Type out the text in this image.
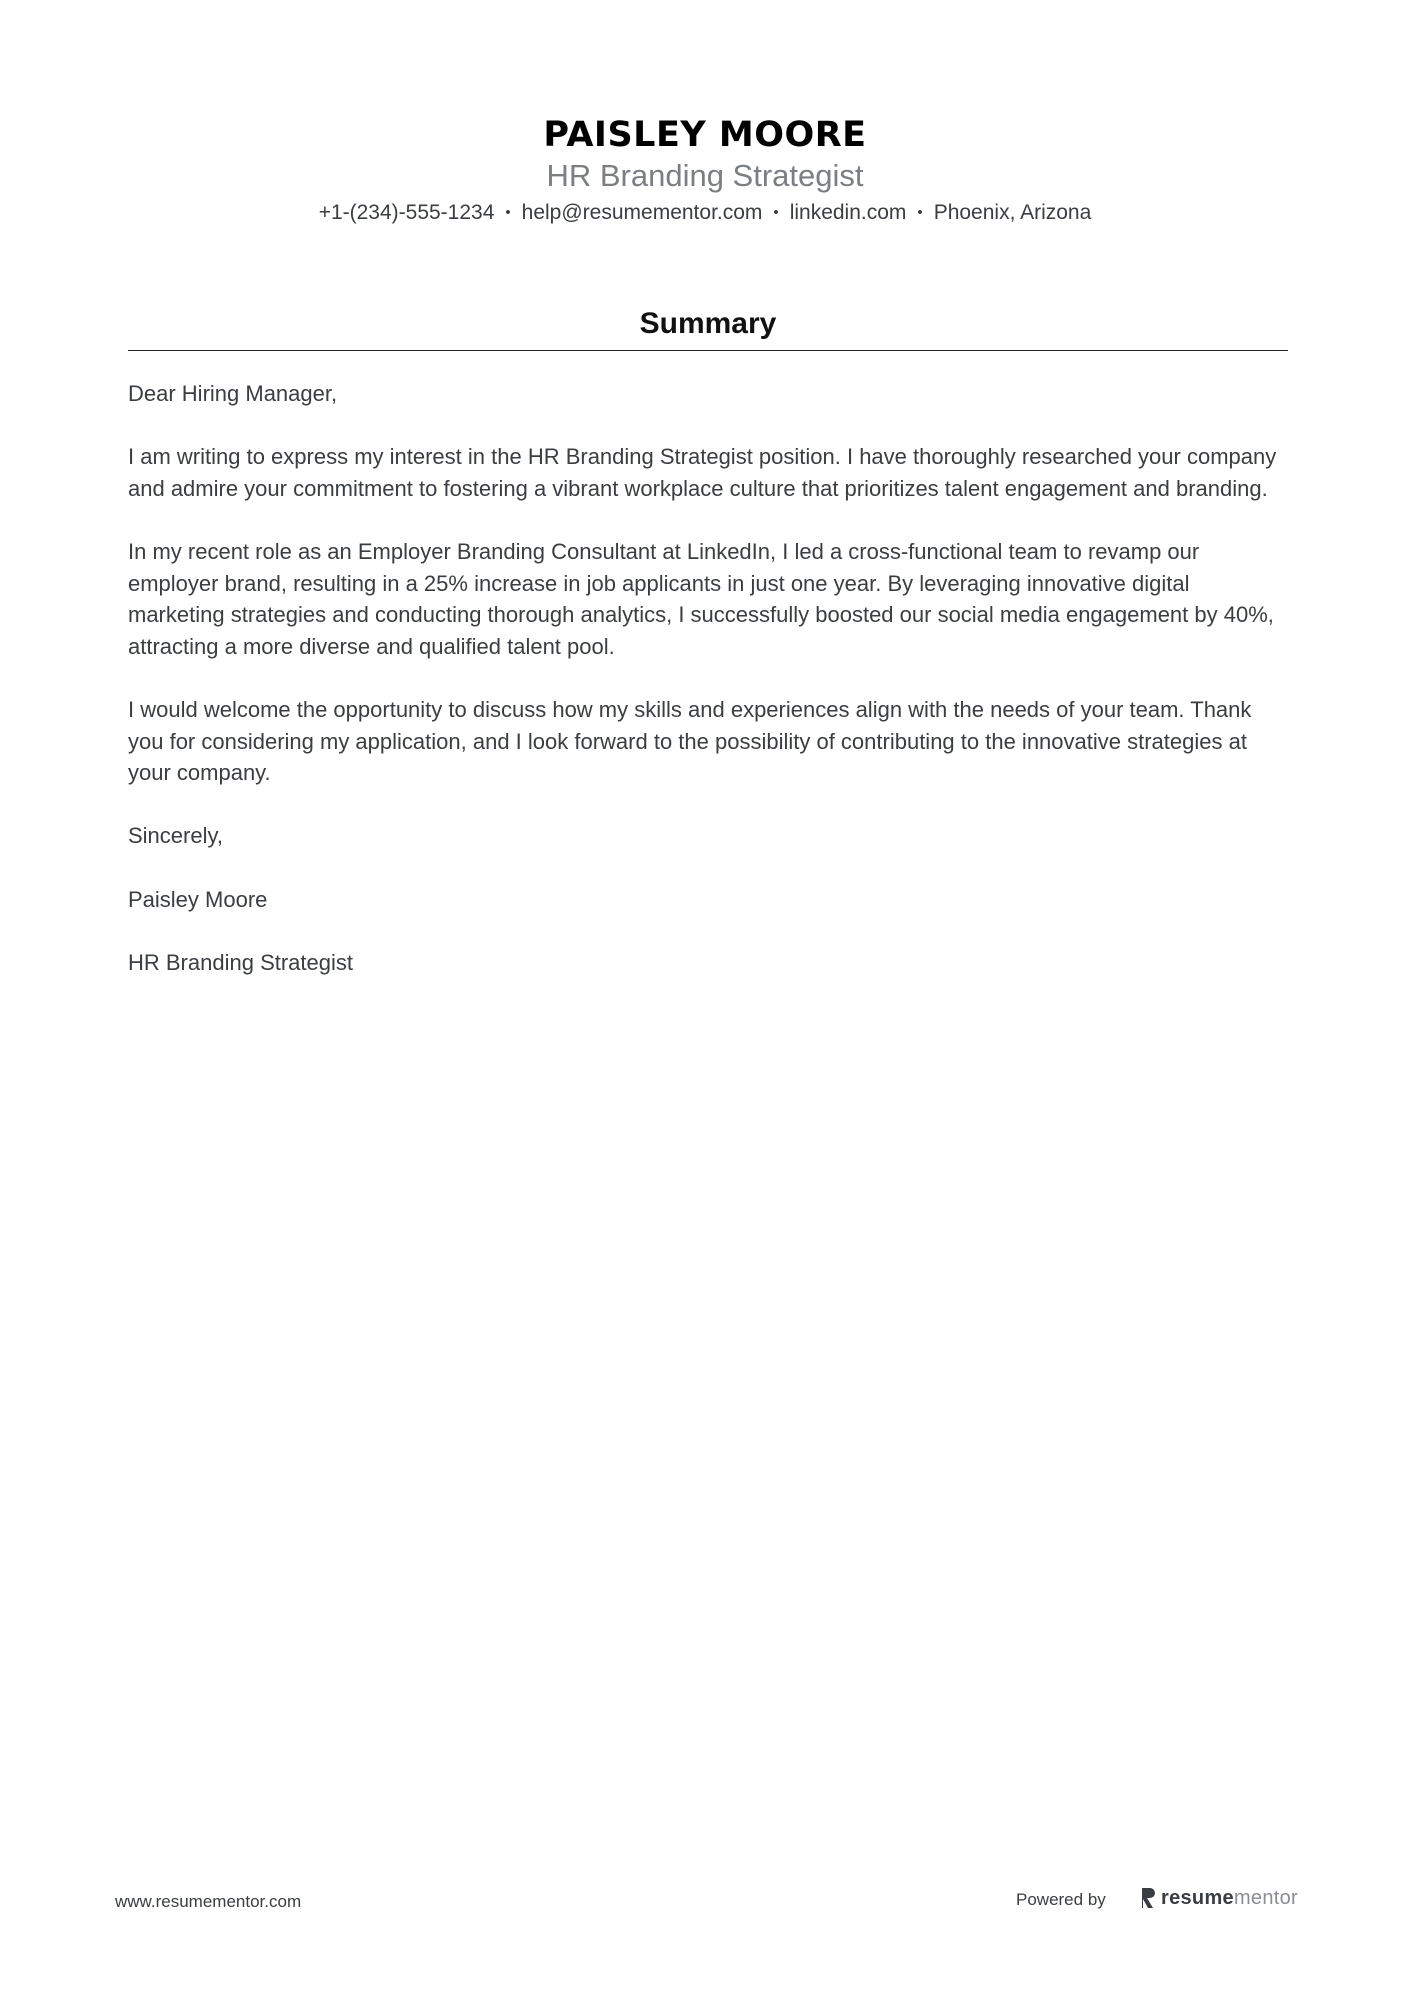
PAISLEY MOORE
HR Branding Strategist
+1-(234)-555-1234 • help@resumementor.com • linkedin.com • Phoenix, Arizona
Summary

Dear Hiring Manager,

I am writing to express my interest in the HR Branding Strategist position. I have thoroughly researched your company and admire your commitment to fostering a vibrant workplace culture that prioritizes talent engagement and branding.

In my recent role as an Employer Branding Consultant at LinkedIn, I led a cross-functional team to revamp our employer brand, resulting in a 25% increase in job applicants in just one year. By leveraging innovative digital marketing strategies and conducting thorough analytics, I successfully boosted our social media engagement by 40%, attracting a more diverse and qualified talent pool.

I would welcome the opportunity to discuss how my skills and experiences align with the needs of your team. Thank you for considering my application, and I look forward to the possibility of contributing to the innovative strategies at your company.

Sincerely,

Paisley Moore

HR Branding Strategist

www.resumementor.com	Powered by	resumementor
